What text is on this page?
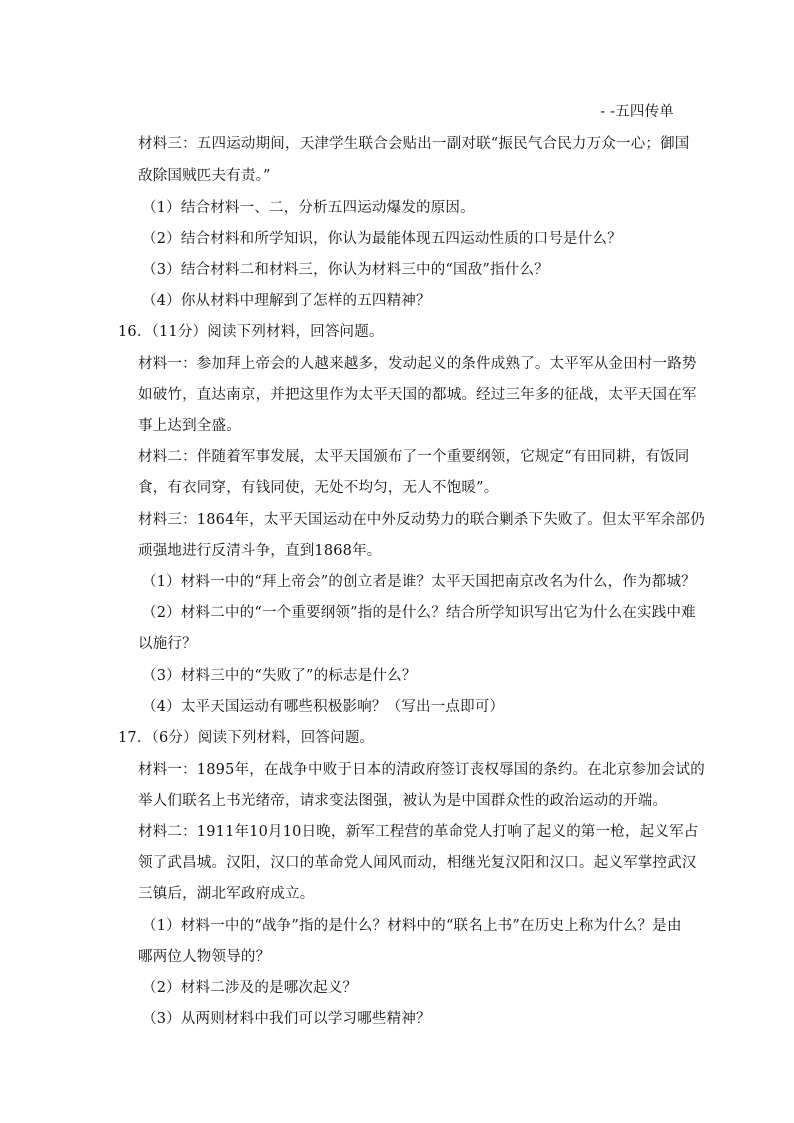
- -五四传单
材料三：五四运动期间，天津学生联合会贴出一副对联“振民气合民力万众一心；御国
敌除国贼匹夫有责。”
（1）结合材料一、二，分析五四运动爆发的原因。
（2）结合材料和所学知识，你认为最能体现五四运动性质的口号是什么？
（3）结合材料二和材料三，你认为材料三中的“国敌”指什么？
（4）你从材料中理解到了怎样的五四精神？
16．（11分）阅读下列材料，回答问题。
材料一：参加拜上帝会的人越来越多，发动起义的条件成熟了。太平军从金田村一路势
如破竹，直达南京，并把这里作为太平天国的都城。经过三年多的征战，太平天国在军
事上达到全盛。
材料二：伴随着军事发展，太平天国颁布了一个重要纲领，它规定“有田同耕，有饭同
食，有衣同穿，有钱同使，无处不均匀，无人不饱暖”。
材料三：1864年，太平天国运动在中外反动势力的联合剿杀下失败了。但太平军余部仍
顽强地进行反清斗争，直到1868年。
（1）材料一中的“拜上帝会”的创立者是谁？太平天国把南京改名为什么，作为都城？
（2）材料二中的“一个重要纲领”指的是什么？结合所学知识写出它为什么在实践中难
以施行？
（3）材料三中的“失败了”的标志是什么？
（4）太平天国运动有哪些积极影响？（写出一点即可）
17．（6分）阅读下列材料，回答问题。
材料一：1895年，在战争中败于日本的清政府签订丧权辱国的条约。在北京参加会试的
举人们联名上书光绪帝，请求变法图强，被认为是中国群众性的政治运动的开端。
材料二：1911年10月10日晚，新军工程营的革命党人打响了起义的第一枪，起义军占
领了武昌城。汉阳，汉口的革命党人闻风而动，相继光复汉阳和汉口。起义军掌控武汉
三镇后，湖北军政府成立。
（1）材料一中的“战争”指的是什么？材料中的“联名上书”在历史上称为什么？是由
哪两位人物领导的？
（2）材料二涉及的是哪次起义？
（3）从两则材料中我们可以学习哪些精神？
